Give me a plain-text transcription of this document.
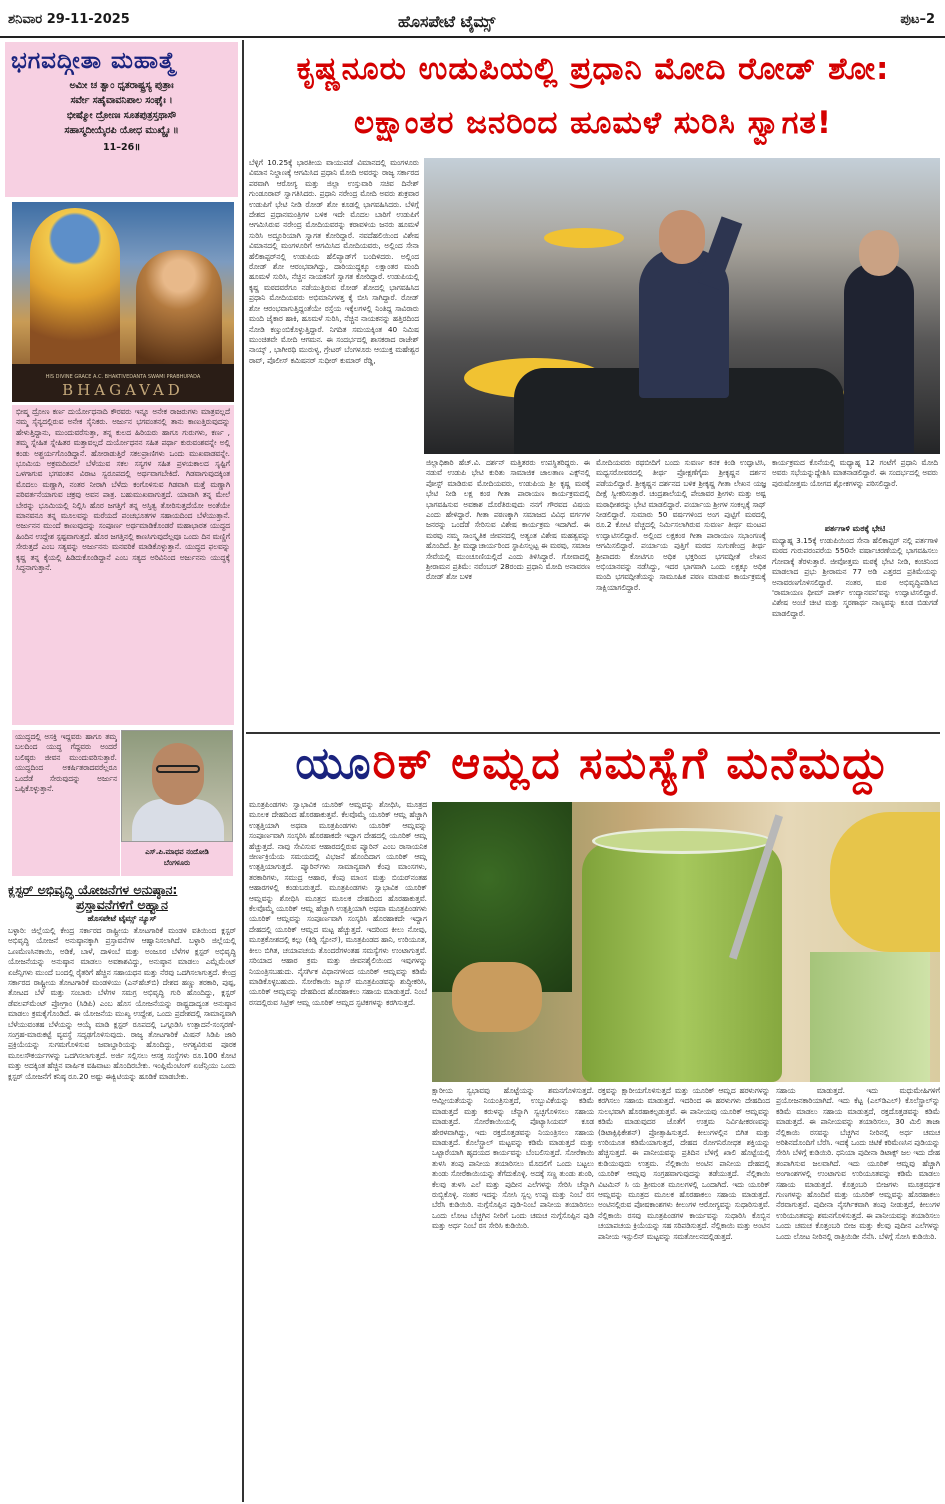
ಶನಿವಾರ 29-11-2025	ಹೊಸಪೇಟೆ ಟೈಮ್ಸ್	ಪುಟ–2
ಭಗವದ್ಗೀತಾ ಮಹಾತ್ಮೆ
ಅಮೀ ಚ ತ್ವಾಂ ಧೃತರಾಷ್ಟ್ರಸ್ಯ ಪುತ್ರಾಃ
ಸರ್ವೇ ಸಹೈವಾವನಿಪಾಲ ಸಂಘೈಃ ।
ಭೀಷ್ಮೋ ದ್ರೋಣಃ ಸೂತಪುತ್ರಸ್ತಥಾಸೌ
ಸಹಾಸ್ಮದೀಯೈರಪಿ ಯೋಧ ಮುಖ್ಯೈಃ ॥
11–26॥
HIS DIVINE GRACE A.C. BHAKTIVEDANTA SWAMI PRABHUPADA
BHAGAVAD
ಭೀಷ್ಮ ದ್ರೋಣ ಕರ್ಣ ದುರ್ಯೋಧನಾದಿ ಕೌರವರು ಇನ್ನೂ ಅನೇಕ ರಾಜರುಗಳು ಮಾತ್ರವಲ್ಲದೆ ನಮ್ಮ ಸೈನ್ಯದಲ್ಲಿರುವ ಅನೇಕ ಸೈನಿಕರು. ಅರ್ಜುನ ಭಗವಂತನಲ್ಲಿ ತಾನು ಕಾಣುತ್ತಿರುವುದನ್ನು ಹೇಳುತ್ತಿದ್ದಾನು, ಮುಂದುವರೆಸುತ್ತಾ, ತನ್ನ ಕುಲದ ಹಿರಿಯರು ಹಾಗೂ ಗುರುಗಳು, ಕರ್ಣ , ತಮ್ಮ ಸ್ನೇಹಿತ ಸ್ನೇಹಿತರ ಮತ್ತಾವಲ್ಲದೆ ದುರ್ಯೋಧನನ ಸಹಿತ ಪರ್ಥಾ ಕುರುವಂಶವನ್ನೇ ಅಲ್ಲಿ ಕಂಡು ಅಶ್ಚರ್ಯಗೊಂಡಿದ್ದಾನೆ. ಹೋರಾಡುತ್ತಿರೆ ಸಕಲಪ್ರಾಣಿಗಳು ಒಂದು ಮುಖವಾಡವನ್ನೇ. ಭೂಮಿಯ ಅಕ್ರಮದಿಂದಲೆ ಬೆಳೆಯುವ ಸಕಲ ಸಸ್ಯಗಳ ಸಹಿತ ಪ್ರಳಯಕಾಲದ ಸೃಷ್ಟಿಗೆ ಒಳಗಾಗುವ ಭಗವಂತನ ವಿರಾಟ ಸ್ವರೂಪದಲ್ಲಿ ಅರ್ಥವಾಗಬೇಕಿದೆ. ಗಿಡವಾಗುವುದಕ್ಕಿಂತ ಮೊದಲು ಮಣ್ಣಾಗಿ, ನಂತರ ನೀರಾಗಿ ಬೆಳೆದು ಕಂಗೊಳಿಸುವ ಗಿಡವಾಗಿ ಮತ್ತೆ ಮಣ್ಣಾಗಿ ಪರಿವರ್ತನೆಯಾಗುವ ಚಕ್ರವು ಅವನ ಪಾತ್ರ. ಬಹುಮುಖವಾಗುತ್ತದೆ. ಯಾವಾಗಿ ತನ್ನ ಮೇಲೆ ಬೇರನ್ನು ಭೂಮಿಯಲ್ಲಿ ನಿಲ್ಲಿಸಿ ಹೊರ ಜಗತ್ತಿಗೆ ತನ್ನ ಅಸ್ತಿತ್ವ ತೋರಿಸುತ್ತದೆಯೋ ಅಂತೆಯೇ ಮಾನವನೂ ತನ್ನ ಮೂಲವನ್ನು ಮರೆಯದೆ ಪಂಚಭೂತಗಳ ಸಹಾಯದಿಂದ ಬೆಳೆಯುತ್ತಾನೆ. ಅರ್ಜುನನ ಮುಂದೆ ಕಾಣುವುದನ್ನು ಸಂಪೂರ್ಣ ಅರ್ಥಮಾಡಿಕೊಂಡರೆ ಮಹಾಭಾರತ ಯುದ್ಧದ ಹಿಂದಿನ ಉದ್ದೇಶ ಸ್ಪಷ್ಟವಾಗುತ್ತದೆ. ಹೊರ ಜಗತ್ತಿನಲ್ಲಿ ಕಾಣಸಿಗುವುದೆಲ್ಲವೂ ಒಂದು ದಿನ ಮಣ್ಣಿಗೆ ಸೇರುತ್ತದೆ ಎಂಬ ಸತ್ಯವನ್ನು ಅರ್ಜುನನು ಮನವರಿಕೆ ಮಾಡಿಕೊಳ್ಳುತ್ತಾನೆ. ಯುದ್ಧದ ಫಲವನ್ನು ಕೃಷ್ಣ ತನ್ನ ಕೈಯಲ್ಲಿ ಹಿಡಿದುಕೊಂಡಿದ್ದಾನೆ ಎಂಬ ಸತ್ಯದ ಅರಿವಿನಿಂದ ಅರ್ಜುನನು ಯುದ್ಧಕ್ಕೆ ಸಿದ್ಧನಾಗುತ್ತಾನೆ.
ಯುದ್ಧದಲ್ಲಿ ಅಸಕ್ತಿ ಇದ್ದವರು ಹಾಗೂ ತಮ್ಮ ಬಲದಿಂದ ಯುದ್ಧ ಗೆದ್ದವರು ಅಂದರೆ ಬಲಿಷ್ಠರು ಜೀವನ ಮುಂದುವರಿಸುತ್ತಾರೆ. ಯುದ್ಧದಿಂದ ಅಕರ್ಷಿತರಾದವರೆಲ್ಲರೂ ಒಂದೆಡೆ ಸೇರುವುದನ್ನು ಅರ್ಜುನ ಒಪ್ಪಿಕೊಳ್ಳುತ್ತಾನೆ.
ಎಸ್.ಪಿ.ಮಾಧವ ನಂದೋಡಿ
ಬೆಂಗಳೂರು
ಕ್ಲಸ್ಟರ್ ಅಭಿವೃದ್ಧಿ ಯೋಜನೆಗಳ ಅನುಷ್ಠಾನ:
ಪ್ರಸ್ತಾವನೆಗಳಿಗೆ ಅಹ್ವಾನ
ಹೊಸಪೇಟೆ ಟೈಮ್ಸ್ ನ್ಯೂಸ್
ಬಳ್ಳಾರಿ: ಜಿಲ್ಲೆಯಲ್ಲಿ ಕೇಂದ್ರ ಸರ್ಕಾರದ ರಾಷ್ಟ್ರೀಯ ತೋಟಗಾರಿಕೆ ಮಂಡಳಿ ವತಿಯಿಂದ ಕ್ಲಸ್ಟರ್ ಅಭಿವೃದ್ಧಿ ಯೋಜನೆ ಅನುಷ್ಠಾನಕ್ಕಾಗಿ ಪ್ರಸ್ತಾವನೆಗಳ ಆಹ್ವಾನಿಸಲಾಗಿದೆ. ಬಳ್ಳಾರಿ ಜಿಲ್ಲೆಯಲ್ಲಿ ಒಣಮೆಣಸಿನಕಾಯಿ, ಅಡಿಕೆ, ಬಾಳೆ, ದಾಳಿಂಬೆ ಮತ್ತು ಅಂಜೂರ ಬೆಳೆಗಳ ಕ್ಲಸ್ಟರ್ ಅಭಿವೃದ್ಧಿ ಯೋಜನೆಯನ್ನು ಅನುಷ್ಠಾನ ಮಾಡಲು ಅವಕಾಶವಿದ್ದು, ಅನುಷ್ಠಾನ ಮಾಡಲು ಎಮ್ಲೆಮೆಂಟ್ ಏಜೆನ್ಸಿಗಳು ಮುಂದೆ ಬಂದಲ್ಲಿ ರೈತರಿಗೆ ಹೆಚ್ಚಿನ ಸಹಾಯಧನ ಮತ್ತು ನೆರವು ಒದಗಿಸಲಾಗುತ್ತದೆ. ಕೇಂದ್ರ ಸರ್ಕಾರದ ರಾಷ್ಟ್ರೀಯ ತೋಟಗಾರಿಕೆ ಮಂಡಳಿಯು (ಎನ್‌ಹೆಚ್‌ಬಿ) ದೇಶದ ಹಣ್ಣು ತರಕಾರಿ, ಪುಷ್ಪ, ತೋಟದ ಬೆಳೆ ಮತ್ತು ಸಂಬಾರು ಬೆಳೆಗಳ ಸಮಗ್ರ ಅಭಿವೃದ್ಧಿ ಗುರಿ ಹೊಂದಿದ್ದು, ಕ್ಲಸ್ಟರ್ ಡೆವಲಪ್‌ಮೆಂಟ್ ಪ್ರೋಗ್ರಾಂ (ಸಿಡಿಪಿ) ಎಂಬ ಹೊಸ ಯೋಜನೆಯನ್ನು ರಾಷ್ಟ್ರದಾದ್ಯಂತ ಅನುಷ್ಠಾನ ಮಾಡಲು ಕ್ರಮಕೈಗೊಂಡಿದೆ. ಈ ಯೋಜನೆಯ ಮುಖ್ಯ ಉದ್ದೇಶ, ಒಂದು ಪ್ರದೇಶದಲ್ಲಿ ಸಾಮಾನ್ಯವಾಗಿ ಬೆಳೆಯುವಂತಹ ಬೆಳೆಯನ್ನು ಆಯ್ಕೆ ಮಾಡಿ ಕ್ಲಸ್ಟರ್ ರೂಪದಲ್ಲಿ ಒಗ್ಗೂಡಿಸಿ ಉತ್ಪಾದನೆ-ಸಂಸ್ಕರಣೆ-ಸಂಗ್ರಹ-ಮಾರುಕಟ್ಟೆ ವ್ಯವಸ್ಥೆ ಸದೃಢಗೊಳಿಸುವುದು. ರಾಜ್ಯ ತೋಟಗಾರಿಕೆ ಮಿಷನ್ ಸಿಡಿಪಿ ಜಾರಿ ಪ್ರಕ್ರಿಯೆಯನ್ನು ಸುಗಮಗೊಳಿಸುವ ಜವಾಬ್ದಾರಿಯನ್ನು ಹೊಂದಿದ್ದು, ಅಗತ್ಯವಿರುವ ಪೂರಕ ಮೂಲಸೌಕರ್ಯಗಳನ್ನು ಒದಗಿಸಲಾಗುತ್ತದೆ. ಅರ್ಜಿ ಸಲ್ಲಿಸಲು ಆಸಕ್ತ ಸಂಸ್ಥೆಗಳು ರೂ.100 ಕೋಟಿ ಮತ್ತು ಅದಕ್ಕಿಂತ ಹೆಚ್ಚಿನ ವಾರ್ಷಿಕ ವಹಿವಾಟು ಹೊಂದಿರಬೇಕು. ಇಂಪ್ಲಿಮೆಂಟಿಂಗ್ ಏಜೆನ್ಸಿಯು ಒಂದು ಕ್ಲಸ್ಟರ್ ಯೋಜನೆಗೆ ಕನಿಷ್ಠ ರೂ.20 ಅಷ್ಟು ಈಕ್ವಿಟಿಯನ್ನು ಹೂಡಿಕೆ ಮಾಡಬೇಕು.
ಕೃಷ್ಣನೂರು ಉಡುಪಿಯಲ್ಲಿ ಪ್ರಧಾನಿ ಮೋದಿ ರೋಡ್ ಶೋ:
ಲಕ್ಷಾಂತರ ಜನರಿಂದ ಹೂಮಳೆ ಸುರಿಸಿ ಸ್ವಾಗತ!
ಬೆಳ್ಳಿಗೆ 10.25ಕ್ಕೆ ಭಾರತೀಯ ವಾಯುಪಡೆ ವಿಮಾನದಲ್ಲಿ ಮಂಗಳೂರು ವಿಮಾನ ನಿಲ್ದಾಣಕ್ಕೆ ಆಗಮಿಸಿದ ಪ್ರಧಾನಿ ಮೋದಿ ಅವರನ್ನು ರಾಜ್ಯ ಸರ್ಕಾರದ ಪರವಾಗಿ ಆರೋಗ್ಯ ಮತ್ತು ಜಿಲ್ಲಾ ಉಸ್ತುವಾರಿ ಸಚಿವ ದಿನೇಶ್ ಗುಂಡೂರಾವ್ ಸ್ವಾಗತಿಸಿದರು. ಪ್ರಧಾನಿ ನರೇಂದ್ರ ಮೋದಿ ಅವರು ಶುಕ್ರವಾರ ಉಡುಪಿಗೆ ಭೇಟಿ ನೀಡಿ ರೋಡ್ ಶೋ ಕೂಡಲ್ಲಿ ಭಾಗವಹಿಸಿದರು. ಬೆಳಿಗ್ಗೆ ದೇಶದ ಪ್ರಧಾನಮಂತ್ರಿಗಳ ಬಳಿಕ ಇದೇ ಮೊದಲ ಬಾರಿಗೆ ಉಡುಪಿಗೆ ಆಗಮಿಸಿರುವ ನರೇಂದ್ರ ಮೋದಿಯವರನ್ನು ಕರಾವಳಿಯ ಜನರು ಹೂಮಳೆ ಸುರಿಸಿ ಅದ್ದೂರಿಯಾಗಿ ಸ್ವಾಗತ ಕೋರಿದ್ದಾರೆ. ನವದೆಹಲಿಯಿಂದ ವಿಶೇಷ ವಿಮಾನದಲ್ಲಿ ಮಂಗಳೂರಿಗೆ ಆಗಮಿಸಿದ ಮೋದಿಯವರು, ಅಲ್ಲಿಂದ ಸೇನಾ ಹೆಲಿಕಾಪ್ಟರ್‌ನಲ್ಲಿ ಉಡುಪಿಯ ಹೆಲಿಪ್ಯಾಡ್‌ಗೆ ಬಂದಿಳಿದರು. ಅಲ್ಲಿಂದ ರೋಡ್ ಶೋ ಆರಂಭವಾಗಿದ್ದು, ದಾರಿಯುದ್ದಕ್ಕೂ ಲಕ್ಷಾಂತರ ಮಂದಿ ಹೂಮಳೆ ಸುರಿಸಿ, ನೆಚ್ಚಿನ ನಾಯಕನಿಗೆ ಸ್ವಾಗತ ಕೋರಿದ್ದಾರೆ. ಉಡುಪಿಯಲ್ಲಿ ಕೃಷ್ಣ ಮಠದವರೆಗೂ ನಡೆಯುತ್ತಿರುವ ರೋಡ್ ಶೋದಲ್ಲಿ ಭಾಗವಹಿಸಿದ ಪ್ರಧಾನಿ ಮೋದಿಯವರು ಅಭಿಮಾನಿಗಳತ್ತ ಕೈ ಬೀಸಿ ಸಾಗಿದ್ದಾರೆ. ರೋಡ್ ಶೋ ಆರಂಭವಾಗುತ್ತಿದ್ದಂತೆಯೇ ರಸ್ತೆಯ ಇಕ್ಕೆಲಗಳಲ್ಲಿ ನಿಂತಿದ್ದ ಸಾವಿರಾರು ಮಂದಿ ಜೈಕಾರ ಹಾಕಿ, ಹೂಮಳೆ ಸುರಿಸಿ, ನೆಚ್ಚಿನ ನಾಯಕನನ್ನು ಹತ್ತಿರದಿಂದ ನೋಡಿ ಕಣ್ತುಂಬಿಕೊಳ್ಳುತ್ತಿದ್ದಾರೆ. ನಿಗದಿತ ಸಮಯಕ್ಕಿಂತ 40 ನಿಮಿಷ ಮುಂಚಿತವೇ ಮೋದಿ ಆಗಮನ. ಈ ಸಂದರ್ಭದಲ್ಲಿ ಶಾಸಕರಾದ ರಾಜೇಶ್ ನಾಯ್ಕ್ , ಭಾಗೀರಥಿ ಮುರುಳ್ಯ, ಗ್ರೇಟರ್ ಬೆಂಗಳೂರು ಆಯುಕ್ತ ಮಹೇಶ್ವರ ರಾವ್, ಪೊಲೀಸ್ ಕಮಿಷನರ್ ಸುಧೀರ್ ಕುಮಾರ್ ರೆಡ್ಡಿ,
ಜಿಲ್ಲಾಧಿಕಾರಿ ಹೆಚ್.ವಿ. ದರ್ಶನ್ ಮತ್ತಿತರರು ಉಪಸ್ಥಿತರಿದ್ದರು. ಈ ನಡುವೆ ಉಡುಪಿ ಭೇಟಿ ಕುರಿತು ಸಾಮಾಜಿಕ ಜಾಲತಾಣ ಎಕ್ಸ್‌ನಲ್ಲಿ ಪೋಸ್ಟ್ ಮಾಡಿರುವ ಮೋದಿಯವರು, ಉಡುಪಿಯ ಶ್ರೀ ಕೃಷ್ಣ ಮಠಕ್ಕೆ ಭೇಟಿ ನೀಡಿ ಲಕ್ಷ ಕಂಠ ಗೀತಾ ಪಾರಾಯಣ ಕಾರ್ಯಕ್ರಮದಲ್ಲಿ ಭಾಗವಹಿಸುವ ಅವಕಾಶ ದೊರೆತಿರುವುದು ನನಗೆ ಗೌರವದ ವಿಷಯ ಎಂದು ಹೇಳಿದ್ದಾರೆ. ಗೀತಾ ಪಠಣಕ್ಕಾಗಿ ಸಮಾಜದ ವಿವಿಧ ವರ್ಗಗಳ ಜನರನ್ನು ಒಂದೆಡೆ ಸೇರಿಸುವ ವಿಶೇಷ ಕಾರ್ಯಕ್ರಮ ಇದಾಗಿದೆ. ಈ ಮಠವು ನಮ್ಮ ಸಾಂಸ್ಕೃತಿಕ ಜೀವನದಲ್ಲಿ ಅತ್ಯಂತ ವಿಶೇಷ ಮಹತ್ವವನ್ನು ಹೊಂದಿದೆ. ಶ್ರೀ ಮಧ್ವಾಚಾರ್ಯರಿಂದ ಸ್ಥಾಪಿಸಲ್ಪಟ್ಟ ಈ ಮಠವು, ಸಮಾಜ ಸೇವೆಯಲ್ಲಿ ಮುಂಚೂಣಿಯಲ್ಲಿದೆ ಎಂದು ತಿಳಿಸಿದ್ದಾರೆ. ಗೋವಾದಲ್ಲಿ ಶ್ರೀರಾಮನ ಪ್ರತಿಮೆ: ನವೆಂಬರ್ 28ರಂದು ಪ್ರಧಾನಿ ಮೋದಿ ಅನಾವರಣ ರೋಡ್ ಶೋ ಬಳಕ
ಮೋದಿಯವರು ರಥಬೀದಿಗೆ ಬಂದು ಸುವರ್ಣ ಕನಕ ಕಿಂಡಿ ಉದ್ಘಾಟಿಸಿ, ಮಧ್ವಸರೋವರದಲ್ಲಿ ತೀರ್ಥ ಪ್ರೋಕ್ಷಣೆಗೈದು ಶ್ರೀಕೃಷ್ಣನ ದರ್ಶನ ಪಡೆಯಲಿದ್ದಾರೆ. ಶ್ರೀಕೃಷ್ಣನ ದರ್ಶನದ ಬಳಿಕ ಶ್ರೀಕೃಷ್ಣ ಗೀತಾ ಲೇಖನ ಯಜ್ಞ ದೀಕ್ಷೆ ಸ್ವೀಕರಿಸುತ್ತಾರೆ. ಚಂದ್ರಶಾಲೆಯಲ್ಲಿ ಪೇಜಾವರ ಶ್ರೀಗಳು ಮತ್ತು ಅಷ್ಟ ಮಠಾಧೀಶರನ್ನು ಭೇಟಿ ಮಾಡಲಿದ್ದಾರೆ. ಪರ್ಯಾಯ ಶ್ರೀಗಳ ಸಂಕಲ್ಪಕ್ಕೆ ಸಾಥ್ ನೀಡಲಿದ್ದಾರೆ. ಸುಮಾರು 50 ವರ್ಷಗಳಿಂದ ಅಂಗ ಪುಟ್ಟಿಗೆ ಮಠದಲ್ಲಿ ರೂ.2 ಕೋಟಿ ವೆಚ್ಚದಲ್ಲಿ ನಿರ್ಮಿಸಲಾಗಿರುವ ಸುವರ್ಣ ತೀರ್ಥ ಮಂಟಪ ಉದ್ಘಾಟಿಸಲಿದ್ದಾರೆ. ಅಲ್ಲಿಂದ ಲಕ್ಷಕಂಠ ಗೀತಾ ಪಾರಾಯಣ ಸಭಾಂಗಣಕ್ಕೆ ಆಗಮಿಸಲಿದ್ದಾರೆ. ಪರ್ಯಾಯ ಪುತ್ತಿಗೆ ಮಠದ ಸುಗುಣೇಂದ್ರ ತೀರ್ಥ ಶ್ರೀಪಾದರು ಕೋಟಿಗೂ ಅಧಿಕ ಭಕ್ತರಿಂದ ಭಗವದ್ಗೀತೆ ಲೇಖನ ಅಭಿಯಾನವನ್ನು ನಡೆಸಿದ್ದು, ಇದರ ಭಾಗವಾಗಿ ಒಂದು ಲಕ್ಷಕ್ಕೂ ಅಧಿಕ ಮಂದಿ ಭಗವದ್ಗೀತೆಯನ್ನು ಸಾಮೂಹಿಕ ಪಠಣ ಮಾಡುವ ಕಾರ್ಯಕ್ರಮಕ್ಕೆ ಸಾಕ್ಷಿಯಾಗಲಿದ್ದಾರೆ.
ಕಾರ್ಯಕ್ರಮದ ಕೊನೆಯಲ್ಲಿ ಮಧ್ಯಾಹ್ನ 12 ಗಂಟೆಗೆ ಪ್ರಧಾನಿ ಮೋದಿ ಅವರು ಸಭೆಯನ್ನುದ್ದೇಶಿಸಿ ಮಾತನಾಡಲಿದ್ದಾರೆ. ಈ ಸಂದರ್ಭದಲ್ಲಿ ಅವರು ಪುರುಷೋತ್ತಮ ಯೋಗದ ಶ್ಲೋಕಗಳನ್ನು ಪಠಿಸಲಿದ್ದಾರೆ.
ಪರ್ತಗಾಳಿ ಮಠಕ್ಕೆ ಭೇಟಿ
ಮಧ್ಯಾಹ್ನ 3.15ಕ್ಕೆ ಉಡುಪಿಯಿಂದ ಸೇನಾ ಹೆಲಿಕಾಪ್ಟರ್ ನಲ್ಲಿ ಪರ್ತಗಾಳಿ ಮಠದ ಗುರುಪರಂಪರೆಯ 550ನೇ ವರ್ಷಾಚರಣೆಯಲ್ಲಿ ಭಾಗವಹಿಸಲು ಗೋವಾಕ್ಕೆ ತೆರಳುತ್ತಾರೆ. ಜೀವೋತ್ತಮ ಮಠಕ್ಕೆ ಭೇಟಿ ನೀಡಿ, ಕಂಚಿನಿಂದ ಮಾಡಲಾದ ಪ್ರಭು ಶ್ರೀರಾಮನ 77 ಅಡಿ ಎತ್ತರದ ಪ್ರತಿಮೆಯನ್ನು ಅನಾವರಣಗೊಳಿಸಲಿದ್ದಾರೆ. ನಂತರ, ಮಠ ಅಭಿವೃದ್ಧಿಪಡಿಸಿದ 'ರಾಮಾಯಣ ಥೀಮ್ ಪಾರ್ಕ್ ಉದ್ಯಾನವನ'ವನ್ನು ಉದ್ಘಾಟಿಸಲಿದ್ದಾರೆ. ವಿಶೇಷ ಅಂಚೆ ಚೀಟಿ ಮತ್ತು ಸ್ಮರಣಾರ್ಥ ನಾಣ್ಯವನ್ನು ಕೂಡ ಬಿಡುಗಡೆ ಮಾಡಲಿದ್ದಾರೆ.
ಯೂರಿಕ್ ಆಮ್ಲದ ಸಮಸ್ಯೆಗೆ ಮನೆಮದ್ದು
ಮೂತ್ರಪಿಂಡಗಳು ಸ್ವಾಭಾವಿಕ ಯೂರಿಕ್ ಆಮ್ಲವನ್ನು ಶೋಧಿಸಿ, ಮೂತ್ರದ ಮೂಲಕ ದೇಹದಿಂದ ಹೊರಹಾಕುತ್ತವೆ. ಕೆಲವೊಮ್ಮೆ ಯೂರಿಕ್ ಆಮ್ಲ ಹೆಚ್ಚಾಗಿ ಉತ್ಪತ್ತಿಯಾಗಿ ಅಥವಾ ಮೂತ್ರಪಿಂಡಗಳು ಯೂರಿಕ್ ಆಮ್ಲವನ್ನು ಸಂಪೂರ್ಣವಾಗಿ ಸಂಸ್ಕರಿಸಿ ಹೊರಹಾಕದೇ ಇದ್ದಾಗ ದೇಹದಲ್ಲಿ ಯೂರಿಕ್ ಆಮ್ಲ ಹೆಚ್ಚುತ್ತದೆ. ನಾವು ಸೇವಿಸುವ ಆಹಾರದಲ್ಲಿರುವ ಪ್ಯೂರಿನ್ ಎಂಬ ರಾಸಾಯನಿಕ ಜೀರ್ಣಕ್ರಿಯೆಯ ಸಮಯದಲ್ಲಿ ವಿಭಜನೆ ಹೊಂದಿದಾಗ ಯೂರಿಕ್ ಆಮ್ಲ ಉತ್ಪತ್ತಿಯಾಗುತ್ತದೆ. ಪ್ಯೂರಿನ್‌ಗಳು ಸಾಮಾನ್ಯವಾಗಿ ಕೆಂಪು ಮಾಂಸಗಳು, ತರಕಾರಿಗಳು, ಸಮುದ್ರ ಆಹಾರ, ಕೆಂಪು ಮಾಂಸ ಮತ್ತು ಬಿಯರ್‌ನಂತಹ ಆಹಾರಗಳಲ್ಲಿ ಕಂಡುಬರುತ್ತದೆ. ಮೂತ್ರಪಿಂಡಗಳು ಸ್ವಾಭಾವಿಕ ಯೂರಿಕ್ ಆಮ್ಲವನ್ನು ಶೋಧಿಸಿ ಮೂತ್ರದ ಮೂಲಕ ದೇಹದಿಂದ ಹೊರಹಾಕುತ್ತವೆ. ಕೆಲವೊಮ್ಮೆ ಯೂರಿಕ್ ಆಮ್ಲ ಹೆಚ್ಚಾಗಿ ಉತ್ಪತ್ತಿಯಾಗಿ ಅಥವಾ ಮೂತ್ರಪಿಂಡಗಳು ಯೂರಿಕ್ ಆಮ್ಲವನ್ನು ಸಂಪೂರ್ಣವಾಗಿ ಸಂಸ್ಕರಿಸಿ ಹೊರಹಾಕದೇ ಇದ್ದಾಗ ದೇಹದಲ್ಲಿ ಯೂರಿಕ್ ಆಮ್ಲದ ಮಟ್ಟ ಹೆಚ್ಚುತ್ತದೆ. ಇದರಿಂದ ಕೀಲು ನೋವು, ಮೂತ್ರಕೋಶದಲ್ಲಿ ಕಲ್ಲು (ಕಿಡ್ನಿ ಸ್ಟೋನ್), ಮೂತ್ರಪಿಂಡದ ಹಾನಿ, ಉರಿಯೂತ, ಕೀಲು ಬಿಗಿತ, ಚಯಾಪಚಯ ತೊಂದರೆಗಳಂತಹ ಸಮಸ್ಯೆಗಳು ಉಂಟಾಗುತ್ತವೆ. ಸರಿಯಾದ ಆಹಾರ ಕ್ರಮ ಮತ್ತು ಜೀವನಶೈಲಿಯಿಂದ ಇವುಗಳನ್ನು ನಿಯಂತ್ರಿಸಬಹುದು. ನೈಸರ್ಗಿಕ ವಿಧಾನಗಳಿಂದ ಯೂರಿಕ್ ಆಮ್ಲವನ್ನು ಕಡಿಮೆ ಮಾಡಿಕೊಳ್ಳಬಹುದು. ಸೋರೆಕಾಯಿ ಜ್ಯೂಸ್ ಮೂತ್ರಪಿಂಡವನ್ನು ಶುದ್ಧೀಕರಿಸಿ, ಯೂರಿಕ್ ಆಮ್ಲವನ್ನು ದೇಹದಿಂದ ಹೊರಹಾಕಲು ಸಹಾಯ ಮಾಡುತ್ತದೆ. ನಿಂಬೆ ರಸದಲ್ಲಿರುವ ಸಿಟ್ರಿಕ್ ಆಮ್ಲ ಯೂರಿಕ್ ಆಮ್ಲದ ಸ್ಫಟಿಕಗಳನ್ನು ಕರಗಿಸುತ್ತದೆ.
ಕ್ಷಾರೀಯ ಸ್ವಭಾವವು ಹೊಟ್ಟೆಯನ್ನು ಶಮನಗೊಳಿಸುತ್ತದೆ. ಆಮ್ಲೀಯತೆಯನ್ನು ನಿಯಂತ್ರಿಸುತ್ತದೆ, ಉಬ್ಬುವಿಕೆಯನ್ನು ಕಡಿಮೆ ಮಾಡುತ್ತದೆ ಮತ್ತು ಕರುಳನ್ನು ಚೆನ್ನಾಗಿ ಸ್ವಚ್ಛಗೊಳಿಸಲು ಸಹಾಯ ಮಾಡುತ್ತದೆ. ಸೋರೆಕಾಯಿಯಲ್ಲಿ ಪೊಟ್ಯಾಸಿಯಮ್ ಕೂಡ ಹೇರಳವಾಗಿದ್ದು, ಇದು ರಕ್ತದೊತ್ತಡವನ್ನು ನಿಯಂತ್ರಿಸಲು ಸಹಾಯ ಮಾಡುತ್ತದೆ. ಕೊಲೆಸ್ಟ್ರಾಲ್ ಮಟ್ಟವನ್ನು ಕಡಿಮೆ ಮಾಡುತ್ತದೆ ಮತ್ತು ಒಟ್ಟಾರೆಯಾಗಿ ಹೃದಯದ ಕಾರ್ಯವನ್ನು ಬೆಂಬಲಿಸುತ್ತದೆ. ಸೋರೆಕಾಯಿ ತುಳಸಿ ತಂಪು ಪಾನೀಯ ತಯಾರಿಸಲು ಮೊದಲಿಗೆ ಒಂದು ಬಟ್ಟಲು ತುಂಡು ಸೋರೆಕಾಯಿಯನ್ನು ತೆಗೆದುಕೊಳ್ಳಿ. ಅದಕ್ಕೆ ಸಣ್ಣ ತುಂಡು ಶುಂಠಿ, ಕೆಲವು ತುಳಸಿ ಎಲೆ ಮತ್ತು ಪುದೀನ ಎಲೆಗಳನ್ನು ಸೇರಿಸಿ ಚೆನ್ನಾಗಿ ರುಬ್ಬಿಕೊಳ್ಳಿ. ನಂತರ ಇದನ್ನು ಸೋಸಿ ಸ್ವಲ್ಪ ಉಪ್ಪು ಮತ್ತು ನಿಂಬೆ ರಸ ಬೆರೆಸಿ ಕುಡಿಯಿರಿ. ನುಗ್ಗೆಸೊಪ್ಪಿನ ಪುಡಿ-ನಿಂಬೆ ಪಾನೀಯ ತಯಾರಿಸಲು ಒಂದು ಲೋಟ ಬೆಚ್ಚಗಿನ ನೀರಿಗೆ ಒಂದು ಚಮಚ ನುಗ್ಗೆಸೊಪ್ಪಿನ ಪುಡಿ ಮತ್ತು ಅರ್ಧ ನಿಂಬೆ ರಸ ಸೇರಿಸಿ ಕುಡಿಯಿರಿ.
ರಕ್ತವನ್ನು ಕ್ಷಾರೀಯಗೊಳಿಸುತ್ತದೆ ಮತ್ತು ಯೂರಿಕ್ ಆಮ್ಲದ ಹರಳುಗಳನ್ನು ಕರಗಿಸಲು ಸಹಾಯ ಮಾಡುತ್ತದೆ. ಇದರಿಂದ ಈ ಹರಳುಗಳು ದೇಹದಿಂದ ಸುಲಭವಾಗಿ ಹೊರಹಾಕಲ್ಪಡುತ್ತವೆ. ಈ ಪಾನೀಯವು ಯೂರಿಕ್ ಆಮ್ಲವನ್ನು ಕಡಿಮೆ ಮಾಡುವುದರ ಜೊತೆಗೆ ಉತ್ತಮ ನಿರ್ವಿಷೀಕರಣವನ್ನು (ಡಿಟಾಕ್ಸಿಫಿಕೇಶನ್) ಪ್ರೋತ್ಸಾಹಿಸುತ್ತದೆ. ಕೀಲುಗಳಲ್ಲಿನ ಬಿಗಿತ ಮತ್ತು ಉರಿಯೂತ ಕಡಿಮೆಯಾಗುತ್ತದೆ, ದೇಹದ ರೋಗನಿರೋಧಕ ಶಕ್ತಿಯನ್ನು ಹೆಚ್ಚಿಸುತ್ತದೆ. ಈ ಪಾನೀಯವನ್ನು ಪ್ರತಿದಿನ ಬೆಳಿಗ್ಗೆ ಖಾಲಿ ಹೊಟ್ಟೆಯಲ್ಲಿ ಕುಡಿಯುವುದು ಉತ್ತಮ. ನೆಲ್ಲಿಕಾಯಿ ಅಂಟಿನ ಪಾನೀಯ ದೇಹದಲ್ಲಿ ಯೂರಿಕ್ ಆಮ್ಲವು ಸಂಗ್ರಹವಾಗುವುದನ್ನು ತಡೆಯುತ್ತದೆ. ನೆಲ್ಲಿಕಾಯಿ ವಿಟಮಿನ್ ಸಿ ಯ ಶ್ರೀಮಂತ ಮೂಲಗಳಲ್ಲಿ ಒಂದಾಗಿದೆ. ಇದು ಯೂರಿಕ್ ಆಮ್ಲವನ್ನು ಮೂತ್ರದ ಮೂಲಕ ಹೊರಹಾಕಲು ಸಹಾಯ ಮಾಡುತ್ತದೆ. ಅಂಟಿನಲ್ಲಿರುವ ಪೋಷಕಾಂಶಗಳು ಕೀಲುಗಳ ಆರೋಗ್ಯವನ್ನು ಸುಧಾರಿಸುತ್ತವೆ. ನೆಲ್ಲಿಕಾಯಿ ರಸವು ಮೂತ್ರಪಿಂಡಗಳ ಕಾರ್ಯವನ್ನು ಸುಧಾರಿಸಿ ಕೊಬ್ಬಿನ ಚಯಾಪಚಯ ಕ್ರಿಯೆಯನ್ನು ಸಹ ಸರಿಪಡಿಸುತ್ತದೆ. ನೆಲ್ಲಿಕಾಯಿ ಮತ್ತು ಅಂಟಿನ ಪಾನೀಯ ಇನ್ಸುಲಿನ್ ಮಟ್ಟವನ್ನು ಸಮತೋಲನದಲ್ಲಿಡುತ್ತದೆ.
ಸಹಾಯ ಮಾಡುತ್ತದೆ. ಇದು ಮಧುಮೇಹಿಗಳಿಗೆ ಪ್ರಯೋಜನಕಾರಿಯಾಗಿದೆ. ಇದು ಕೆಟ್ಟ (ಎಲ್‌ಡಿಎಲ್) ಕೊಲೆಸ್ಟ್ರಾಲ್‌ನ್ನು ಕಡಿಮೆ ಮಾಡಲು ಸಹಾಯ ಮಾಡುತ್ತದೆ, ರಕ್ತದೊತ್ತಡವನ್ನು ಕಡಿಮೆ ಮಾಡುತ್ತದೆ. ಈ ಪಾನೀಯವನ್ನು ತಯಾರಿಸಲು, 30 ಮಿಲಿ ತಾಜಾ ನೆಲ್ಲಿಕಾಯಿ ರಸವನ್ನು ಬೆಚ್ಚಗಿನ ನೀರಿನಲ್ಲಿ ಅರ್ಧ ಚಮಚ ಅರಿಶಿನದೊಂದಿಗೆ ಬೆರೆಸಿ. ಇದಕ್ಕೆ ಒಂದು ಚಿಟಿಕೆ ಕರಿಮೆಣಸಿನ ಪುಡಿಯನ್ನು ಸೇರಿಸಿ ಬೆಳಿಗ್ಗೆ ಕುಡಿಯಿರಿ. ಧನಿಯಾ ಪುದೀನಾ ಡಿಟಾಕ್ಸ್ ಜಲ ಇದು ದೇಹ ತಂಪಾಗಿಸುವ ಜಲವಾಗಿದೆ. ಇದು ಯೂರಿಕ್ ಆಮ್ಲವು ಹೆಚ್ಚಾಗಿ ಅಂಗಾಂಶಗಳಲ್ಲಿ ಉಂಟಾಗುವ ಉರಿಯೂತವನ್ನು ಕಡಿಮೆ ಮಾಡಲು ಸಹಾಯ ಮಾಡುತ್ತದೆ. ಕೊತ್ತಂಬರಿ ಬೀಜಗಳು ಮೂತ್ರವರ್ಧಕ ಗುಣಗಳನ್ನು ಹೊಂದಿವೆ ಮತ್ತು ಯೂರಿಕ್ ಆಮ್ಲವನ್ನು ಹೊರಹಾಕಲು ನೆರವಾಗುತ್ತವೆ. ಪುದೀನಾ ನೈಸರ್ಗಿಕವಾಗಿ ತಂಪು ನೀಡುತ್ತದೆ, ಕೀಲುಗಳ ಉರಿಯೂತವನ್ನು ಶಮನಗೊಳಿಸುತ್ತದೆ. ಈ ಪಾನೀಯವನ್ನು ತಯಾರಿಸಲು ಒಂದು ಚಮಚ ಕೊತ್ತಂಬರಿ ಬೀಜ ಮತ್ತು ಕೆಲವು ಪುದೀನ ಎಲೆಗಳನ್ನು ಒಂದು ಲೋಟ ನೀರಿನಲ್ಲಿ ರಾತ್ರಿಯಿಡೀ ನೆನೆಸಿ. ಬೆಳಿಗ್ಗೆ ಸೋಸಿ ಕುಡಿಯಿರಿ.
